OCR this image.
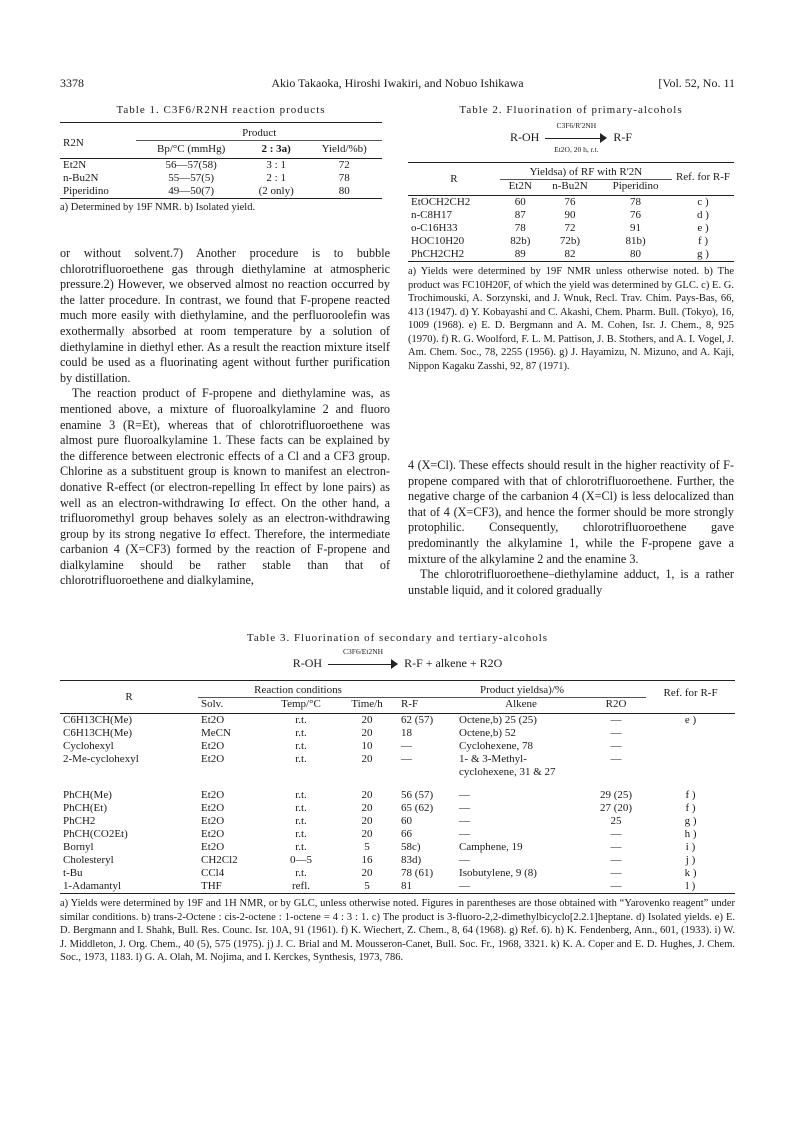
3378	Akio Takaoka, Hiroshi Iwakiri, and Nobuo Ishikawa	[Vol. 52, No. 11
Table 1. C3F6/R2NH reaction products
R2N	Product		
	Bp/°C (mmHg)	2 : 3a)	Yield/%b)
Et2N	56—57(58)	3 : 1	72
n-Bu2N	55—57(5)	2 : 1	78
Piperidino	49—50(7)	(2 only)	80
a) Determined by 19F NMR. b) Isolated yield.

or without solvent.7) Another procedure is to bubble chlorotrifluoroethene gas through diethylamine at atmospheric pressure.2) However, we observed almost no reaction occurred by the latter procedure. In contrast, we found that F-propene reacted much more easily with diethylamine, and the perfluoroolefin was exothermally absorbed at room temperature by a solution of diethylamine in diethyl ether. As a result the reaction mixture itself could be used as a fluorinating agent without further purification by distillation.

The reaction product of F-propene and diethylamine was, as mentioned above, a mixture of fluoroalkylamine 2 and fluoro enamine 3 (R=Et), whereas that of chlorotrifluoroethene was almost pure fluoroalkylamine 1. These facts can be explained by the difference between electronic effects of a Cl and a CF3 group. Chlorine as a substituent group is known to manifest an electron-donative R-effect (or electron-repelling Iπ effect by lone pairs) as well as an electron-withdrawing Iσ effect. On the other hand, a trifluoromethyl group behaves solely as an electron-withdrawing group by its strong negative Iσ effect. Therefore, the intermediate carbanion 4 (X=CF3) formed by the reaction of F-propene and dialkylamine should be rather stable than that of chlorotrifluoroethene and dialkylamine,

Table 2. Fluorination of primary-alcohols
$R-OH \frac{C3F6/R'2NH}{Et2O, 20 h, r.t.} R-F$
R	Yieldsa) of RF with R'2N			Ref. for R-F
	Et2N	n-Bu2N	Piperidino	
EtOCH2CH2	60	76	78	c )
n-C8H17	87	90	76	d )
o-C16H33	78	72	91	e )
HOC10H20	82b)	72b)	81b)	f )
PhCH2CH2	89	82	80	g )
a) Yields were determined by 19F NMR unless otherwise noted. b) The product was FC10H20F, of which the yield was determined by GLC. c) E. G. Trochimouski, A. Sorzynski, and J. Wnuk, Recl. Trav. Chim. Pays-Bas, 66, 413 (1947). d) Y. Kobayashi and C. Akashi, Chem. Pharm. Bull. (Tokyo), 16, 1009 (1968). e) E. D. Bergmann and A. M. Cohen, Isr. J. Chem., 8, 925 (1970). f) R. G. Woolford, F. L. M. Pattison, J. B. Stothers, and A. I. Vogel, J. Am. Chem. Soc., 78, 2255 (1956). g) J. Hayamizu, N. Mizuno, and A. Kaji, Nippon Kagaku Zasshi, 92, 87 (1971).

4 (X=Cl). These effects should result in the higher reactivity of F-propene compared with that of chlorotrifluoroethene. Further, the negative charge of the carbanion 4 (X=Cl) is less delocalized than that of 4 (X=CF3), and hence the former should be more strongly protophilic. Consequently, chlorotrifluoroethene gave predominantly the alkylamine 1, while the F-propene gave a mixture of the alkylamine 2 and the enamine 3.

The chlorotrifluoroethene–diethylamine adduct, 1, is a rather unstable liquid, and it colored gradually

Table 3. Fluorination of secondary and tertiary-alcohols
R-OH
C3F6/Et2NH
R-F + alkene + R2O
R	Reaction conditions			Product yieldsa)/%			Ref. for R-F
	Solv.	Temp/°C	Time/h	R-F	Alkene	R2O	
C6H13CH(Me)	Et2O	r.t.	20	62 (57)	Octene,b) 25 (25)	—	e )
C6H13CH(Me)	MeCN	r.t.	20	18	Octene,b) 52	—	
Cyclohexyl	Et2O	r.t.	10	—	Cyclohexene, 78	—	
2-Me-cyclohexyl	Et2O	r.t.	20	—	1- & 3-Methyl-cyclohexene, 31 & 27	—	
PhCH(Me)	Et2O	r.t.	20	56 (57)	—	29 (25)	f )
PhCH(Et)	Et2O	r.t.	20	65 (62)	—	27 (20)	f )
PhCH2	Et2O	r.t.	20	60	—	25	g )
PhCH(CO2Et)	Et2O	r.t.	20	66	—	—	h )
Bornyl	Et2O	r.t.	5	58c)	Camphene, 19	—	i )
Cholesteryl	CH2Cl2	0—5	16	83d)	—	—	j )
t-Bu	CCl4	r.t.	20	78 (61)	Isobutylene, 9 (8)	—	k )
1-Adamantyl	THF	refl.	5	81	—	—	l )
a) Yields were determined by 19F and 1H NMR, or by GLC, unless otherwise noted. Figures in parentheses are those obtained with “Yarovenko reagent” under similar conditions. b) trans-2-Octene : cis-2-octene : 1-octene = 4 : 3 : 1. c) The product is 3-fluoro-2,2-dimethylbicyclo[2.2.1]heptane. d) Isolated yields. e) E. D. Bergmann and I. Shahk, Bull. Res. Counc. Isr. 10A, 91 (1961). f) K. Wiechert, Z. Chem., 8, 64 (1968). g) Ref. 6). h) K. Fendenberg, Ann., 601, (1933). i) W. J. Middleton, J. Org. Chem., 40 (5), 575 (1975). j) J. C. Brial and M. Mousseron-Canet, Bull. Soc. Fr., 1968, 3321. k) K. A. Coper and E. D. Hughes, J. Chem. Soc., 1973, 1183. l) G. A. Olah, M. Nojima, and I. Kerckes, Synthesis, 1973, 786.
